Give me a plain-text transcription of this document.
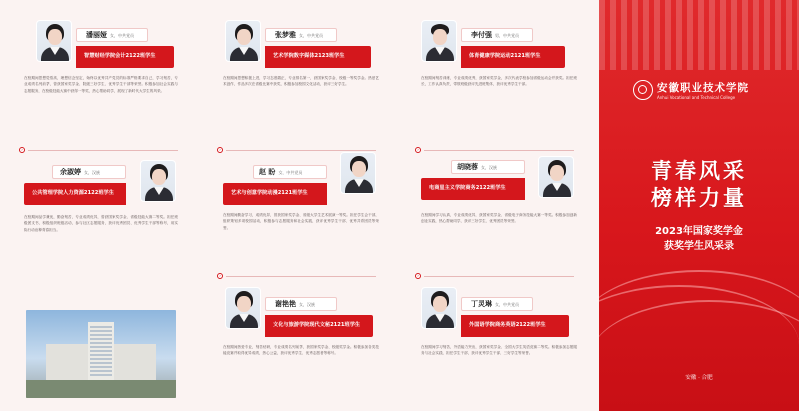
潘丽娅 女，中共党员
智慧财经学院会计2122班学生
在校期间思想觉悟高，理想信念坚定，始终以优秀共产党员的标准严格要求自己，学习刻苦，专业成绩名列前茅，曾获国家奖学金、院级三好学生、优秀学生干部等荣誉。积极参加社会实践与志愿服务，在校级技能大赛中获得一等奖，热心帮助同学，展现了新时代大学生的风采。
›
余淑婷 女，汉族
公共管理学院人力资源2122班学生
在校期间品学兼优，勤奋刻苦，专业成绩优异，曾获国家奖学金、省级技能大赛二等奖。担任班级团支书，积极组织班级活动，参与社区志愿服务，获评优秀团员、优秀学生干部等称号，用实际行动诠释青春担当。
张梦雅 女，中共党员
艺术学院数字媒体2123班学生
在校期间思想积极上进，学习态度端正，专业排名第一，获国家奖学金、校级一等奖学金。热爱艺术创作，作品多次在省级比赛中获奖，积极参加校园文化活动，获评三好学生。
›
赵 盼 女，中共党员
艺术与创意学院动漫2121班学生
在校期间勤奋学习，成绩优异，曾获国家奖学金、省级大学生艺术展演一等奖。担任学生会干部，组织策划多项校园活动，积极参与志愿服务和社会实践，获评优秀学生干部、优秀共青团员等荣誉。
›
谢艳艳 女，汉族
文化与旅游学院现代文秘2121班学生
在校期间热爱专业，刻苦钻研，专业成绩名列前茅，获国家奖学金、校级奖学金。积极参加各类技能竞赛并取得优异成绩，热心公益，获评优秀学生、优秀志愿者等称号。
李付强 男，中共党员
体育健康学院运动2121班学生
在校期间刻苦训练，专业成绩优秀，获国家奖学金，多次代表学校参加省级运动会并获奖。担任班长，工作认真负责，带领班级获评先进班集体，获评优秀学生干部。
›
胡晓蓉 女，汉族
电商星主义学院商务2122班学生
在校期间学习认真，专业成绩优异，获国家奖学金、省级电子商务技能大赛一等奖。积极参加创新创业实践，热心帮助同学，获评三好学生、优秀团员等荣誉。
›
丁灵琳 女，中共党员
外国语学院商务英语2122班学生
在校期间学习刻苦，外语能力突出，获国家奖学金、全国大学生英语竞赛二等奖。积极参加志愿服务与社会实践，担任学生干部，获评优秀学生干部、三好学生等荣誉。
安徽职业技术学院
Anhui Vocational and Technical College
青春风采
榜样力量
2023年国家奖学金
获奖学生风采录
安徽 · 合肥
